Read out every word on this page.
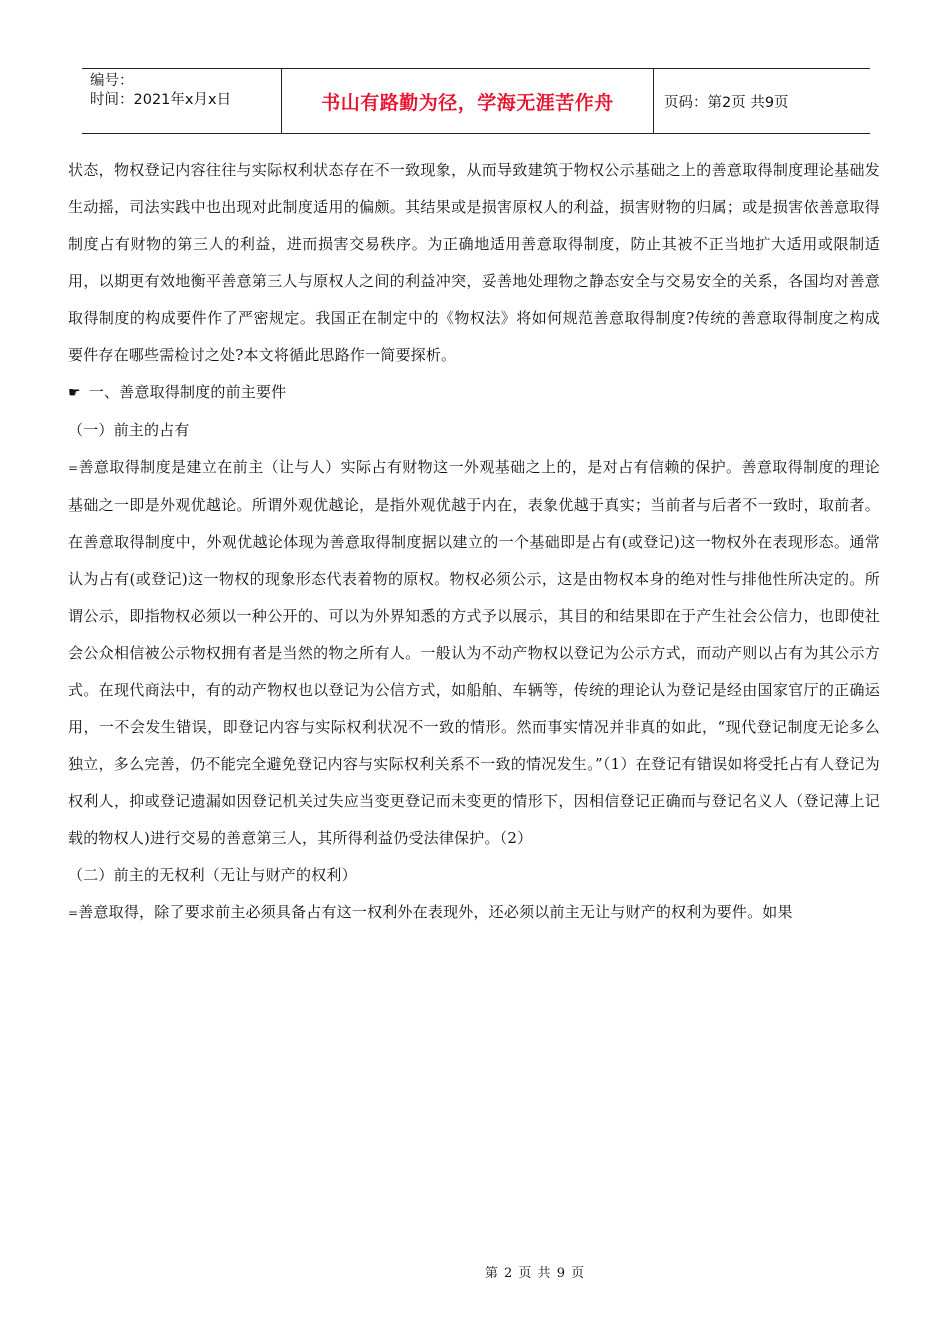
编号：
时间：2021年x月x日	书山有路勤为径，学海无涯苦作舟	页码：第2页 共9页

状态，物权登记内容往往与实际权利状态存在不一致现象，从而导致建筑于物权公示基础之上的善意取得制度理论基础发生动摇，司法实践中也出现对此制度适用的偏颇。其结果或是损害原权人的利益，损害财物的归属；或是损害依善意取得制度占有财物的第三人的利益，进而损害交易秩序。为正确地适用善意取得制度，防止其被不正当地扩大适用或限制适用，以期更有效地衡平善意第三人与原权人之间的利益冲突，妥善地处理物之静态安全与交易安全的关系，各国均对善意取得制度的构成要件作了严密规定。我国正在制定中的《物权法》将如何规范善意取得制度?传统的善意取得制度之构成要件存在哪些需检讨之处?本文将循此思路作一简要探析。

☛ 一、善意取得制度的前主要件

（一）前主的占有

=善意取得制度是建立在前主（让与人）实际占有财物这一外观基础之上的，是对占有信赖的保护。善意取得制度的理论基础之一即是外观优越论。所谓外观优越论，是指外观优越于内在，表象优越于真实；当前者与后者不一致时，取前者。在善意取得制度中，外观优越论体现为善意取得制度据以建立的一个基础即是占有(或登记)这一物权外在表现形态。通常认为占有(或登记)这一物权的现象形态代表着物的原权。物权必须公示，这是由物权本身的绝对性与排他性所决定的。所谓公示，即指物权必须以一种公开的、可以为外界知悉的方式予以展示，其目的和结果即在于产生社会公信力，也即使社会公众相信被公示物权拥有者是当然的物之所有人。一般认为不动产物权以登记为公示方式，而动产则以占有为其公示方式。在现代商法中，有的动产物权也以登记为公信方式，如船舶、车辆等，传统的理论认为登记是经由国家官厅的正确运用，一不会发生错误，即登记内容与实际权利状况不一致的情形。然而事实情况并非真的如此，“现代登记制度无论多么独立，多么完善，仍不能完全避免登记内容与实际权利关系不一致的情况发生。”（1）在登记有错误如将受托占有人登记为权利人，抑或登记遗漏如因登记机关过失应当变更登记而未变更的情形下，因相信登记正确而与登记名义人（登记薄上记载的物权人)进行交易的善意第三人，其所得利益仍受法律保护。（2）

（二）前主的无权利（无让与财产的权利）

=善意取得，除了要求前主必须具备占有这一权利外在表现外，还必须以前主无让与财产的权利为要件。如果

第 2 页 共 9 页
